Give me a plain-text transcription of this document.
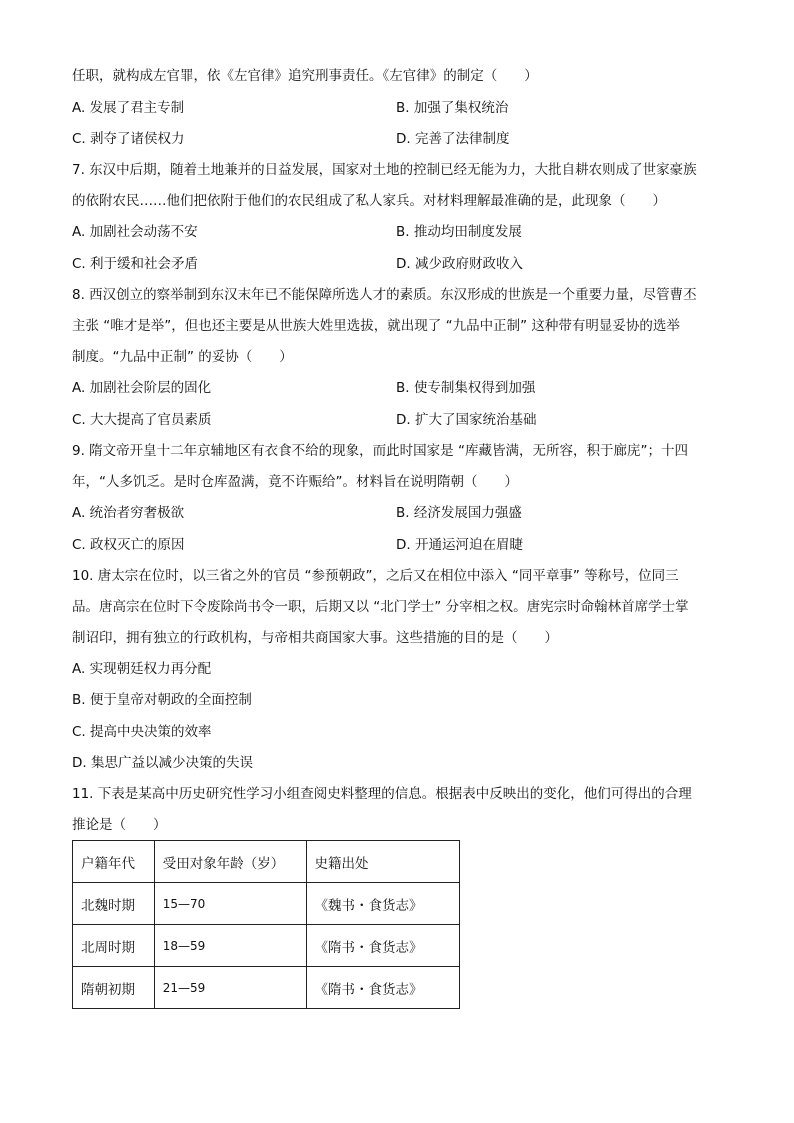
任职，就构成左官罪，依《左官律》追究刑事责任。《左官律》的制定（　　）
A. 发展了君主专制	B. 加强了集权统治
C. 剥夺了诸侯权力	D. 完善了法律制度
7. 东汉中后期，随着土地兼并的日益发展，国家对土地的控制已经无能为力，大批自耕农则成了世家豪族
的依附农民……他们把依附于他们的农民组成了私人家兵。对材料理解最准确的是，此现象（　　）
A. 加剧社会动荡不安	B. 推动均田制度发展
C. 利于缓和社会矛盾	D. 减少政府财政收入
8. 西汉创立的察举制到东汉末年已不能保障所选人才的素质。东汉形成的世族是一个重要力量，尽管曹丕
主张 “唯才是举”，但也还主要是从世族大姓里选拔，就出现了 “九品中正制” 这种带有明显妥协的选举
制度。“九品中正制” 的妥协（　　）
A. 加剧社会阶层的固化	B. 使专制集权得到加强
C. 大大提高了官员素质	D. 扩大了国家统治基础
9. 隋文帝开皇十二年京辅地区有衣食不给的现象，而此时国家是 “库藏皆满，无所容，积于廊庑”；十四
年，“人多饥乏。是时仓库盈满，竟不许赈给”。材料旨在说明隋朝（　　）
A. 统治者穷奢极欲	B. 经济发展国力强盛
C. 政权灭亡的原因	D. 开通运河迫在眉睫
10. 唐太宗在位时，以三省之外的官员 “参预朝政”，之后又在相位中添入 “同平章事” 等称号，位同三
品。唐高宗在位时下令废除尚书令一职，后期又以 “北门学士” 分宰相之权。唐宪宗时命翰林首席学士掌
制诏印，拥有独立的行政机构，与帝相共商国家大事。这些措施的目的是（　　）
A. 实现朝廷权力再分配
B. 便于皇帝对朝政的全面控制
C. 提高中央决策的效率
D. 集思广益以减少决策的失误
11. 下表是某高中历史研究性学习小组查阅史料整理的信息。根据表中反映出的变化，他们可得出的合理
推论是（　　）
户籍年代	受田对象年龄（岁）	史籍出处
北魏时期	15—70	《魏书・食货志》
北周时期	18—59	《隋书・食货志》
隋朝初期	21—59	《隋书・食货志》
